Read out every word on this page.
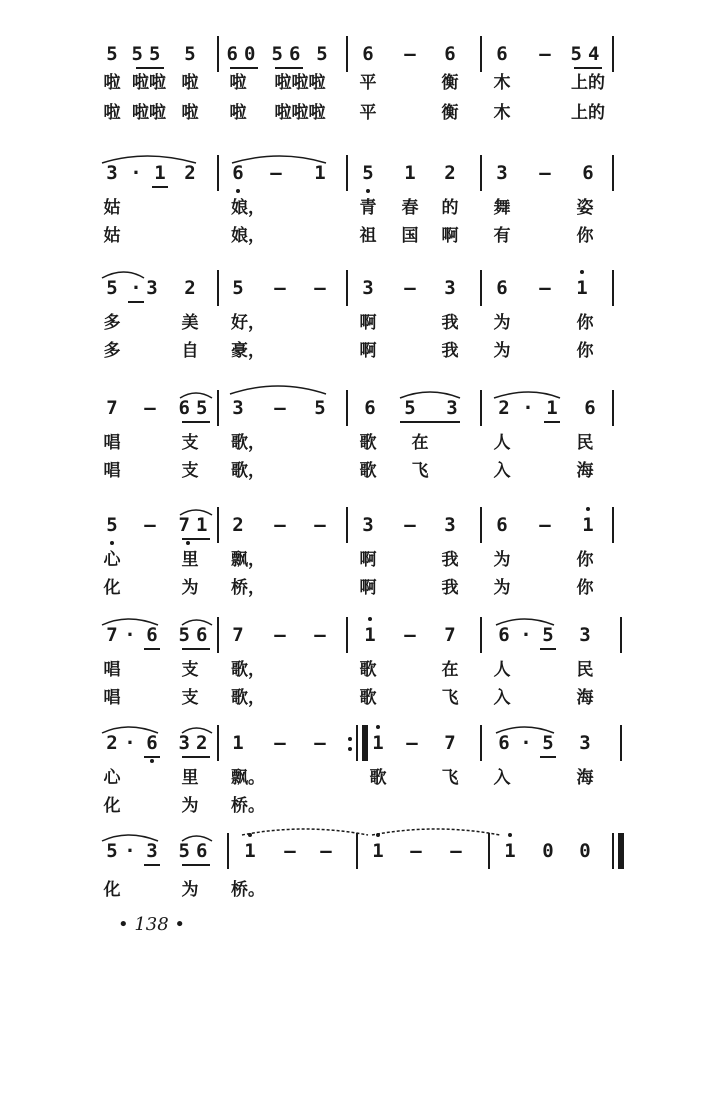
5 55 5 60 56 5 6 — 6 6 — 54
啦 啦啦 啦 啦 啦啦啦 平	衡 木	上的
啦 啦啦 啦 啦 啦啦啦 平	衡 木	上的
3 · 1 2 6 — 1 5 1 2 3 — 6
姑	娘，	青 春 的 舞	姿
姑	娘，	祖 国 啊 有	你
5 · 3 2 5 — — 3 — 3 6 — 1
多	美 好，	啊	我 为	你
多	自 豪，	啊	我 为	你
7 — 65 3 — 5 6 5 3 2 · 1 6
唱	支 歌，	歌 在	人	民
唱	支 歌，	歌 飞	入	海
5 — 71 2 — — 3 — 3 6 — 1
心	里 飘，	啊	我 为	你
化	为 桥，	啊	我 为	你
7 · 6 56 7 — — 1 — 7 6 · 5 3
唱	支 歌，	歌	在 人	民
唱	支 歌，	歌	飞 入	海
2 · 6 32 1 — — 1 — 7 6 · 5 3
心	里 飘。	歌	飞 入	海
化	为 桥。
5 · 3 56 1 — — 1 — — 1 0 0
化	为 桥。
• 138 •
